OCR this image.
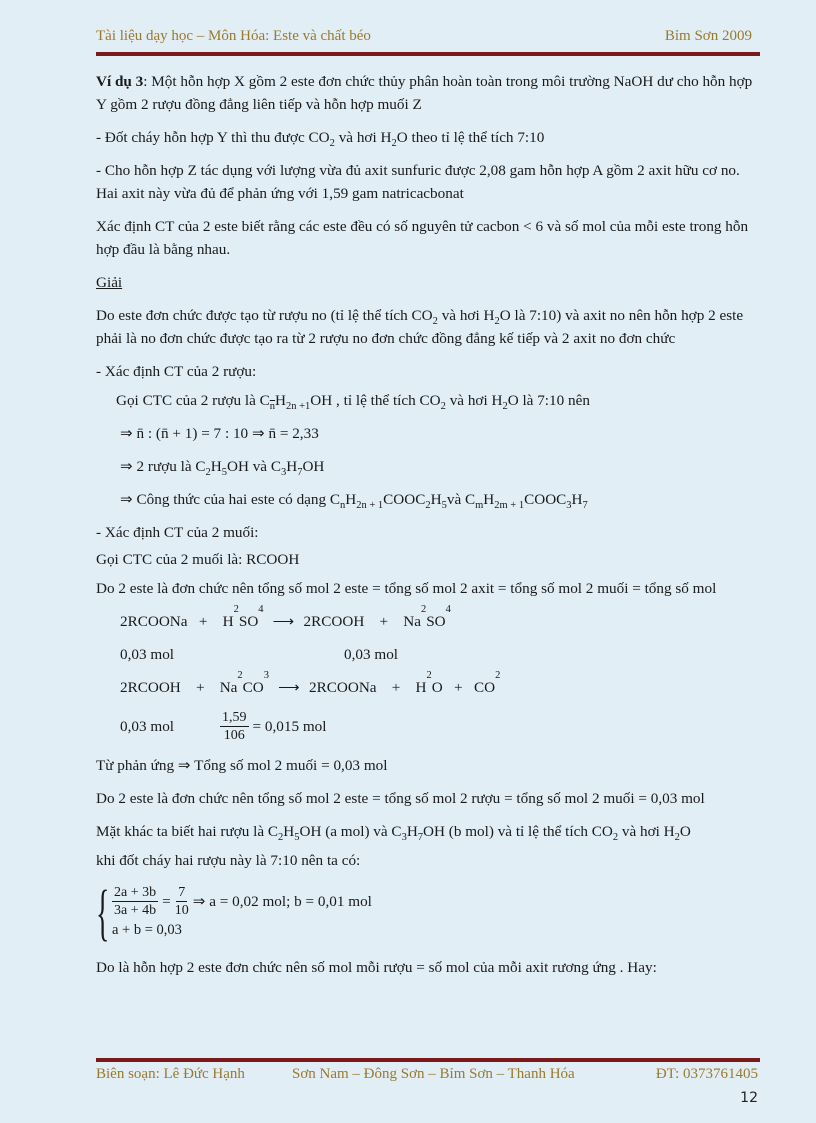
Tài liệu dạy học – Môn Hóa: Este và chất béo	Bỉm Sơn 2009

Ví dụ 3: Một hỗn hợp X gồm 2 este đơn chức thủy phân hoàn toàn trong môi trường NaOH dư cho hỗn hợp Y gồm 2 rượu đồng đẳng liên tiếp và hỗn hợp muối Z

- Đốt cháy hỗn hợp Y thì thu được $CO_2$ và hơi $H_2O$ theo tỉ lệ thể tích 7:10

- Cho hỗn hợp Z tác dụng với lượng vừa đủ axit sunfuric được 2,08 gam hỗn hợp A gồm 2 axit hữu cơ no. Hai axit này vừa đủ để phản ứng với 1,59 gam natricacbonat

Xác định CT của 2 este biết rằng các este đều có số nguyên tử cacbon < 6 và số mol của mỗi este trong hỗn hợp đầu là bằng nhau.

Giải

Do este đơn chức được tạo từ rượu no (tỉ lệ thể tích $CO_2$ và hơi $H_2O$ là 7:10) và axit no nên hỗn hợp 2 este phải là no đơn chức được tạo ra từ 2 rượu no đơn chức đồng đẳng kế tiếp và 2 axit no đơn chức

- Xác định CT của 2 rượu:

Gọi CTC của 2 rượu là $C_{\overline{n}}H_{2n +1}OH$ , tỉ lệ thể tích $CO_2$ và hơi $H_2O$ là 7:10 nên

⇒ n̄ : (n̄ + 1) = 7 : 10 ⇒ n̄ = 2,33

⇒ 2 rượu là $C_2H_5OH$ và $C_3H_7OH$

⇒ Công thức của hai este có dạng $C_nH_{2n + 1}COOC_2H_5và$ $C_mH_{2m + 1}COOC_3H_7$

- Xác định CT của 2 muối:

Gọi CTC của 2 muối là: RCOOH

Do 2 este là đơn chức nên tổng số mol 2 este = tổng số mol 2 axit = tổng số mol 2 muối = tổng số mol

2RCOONa   +    H
2
SO
4
⟶ 2RCOOH    +    Na
2
SO
4

0,03 mol	0,03 mol

2RCOOH    +    Na
2
CO
3
⟶ 2RCOONa    +    H
2
O   +   CO
2

0,03 mol	$\frac{1,59}{106} = 0,015$ mol

Từ phản ứng ⇒ Tổng số mol 2 muối = 0,03 mol

Do 2 este là đơn chức nên tổng số mol 2 este = tổng số mol 2 rượu = tổng số mol 2 muối = 0,03 mol

Mặt khác ta biết hai rượu là $C_2H_5OH$ (a mol) và $C_3H_7OH$ (b mol) và tỉ lệ thể tích $CO_2$ và hơi $H_2O$

khi đốt cháy hai rượu này là 7:10 nên ta có:

{ $\frac{2a + 3b}{3a + 4b} = \frac{7}{10}$ ⇒ a = 0,02 mol; b = 0,01 mol
a + b = 0,03

Do là hỗn hợp 2 este đơn chức nên số mol mỗi rượu = số mol của mỗi axit rương ứng . Hay:

Biên soạn: Lê Đức Hạnh	Sơn Nam – Đông Sơn – Bỉm Sơn – Thanh Hóa	ĐT: 0373761405
12
